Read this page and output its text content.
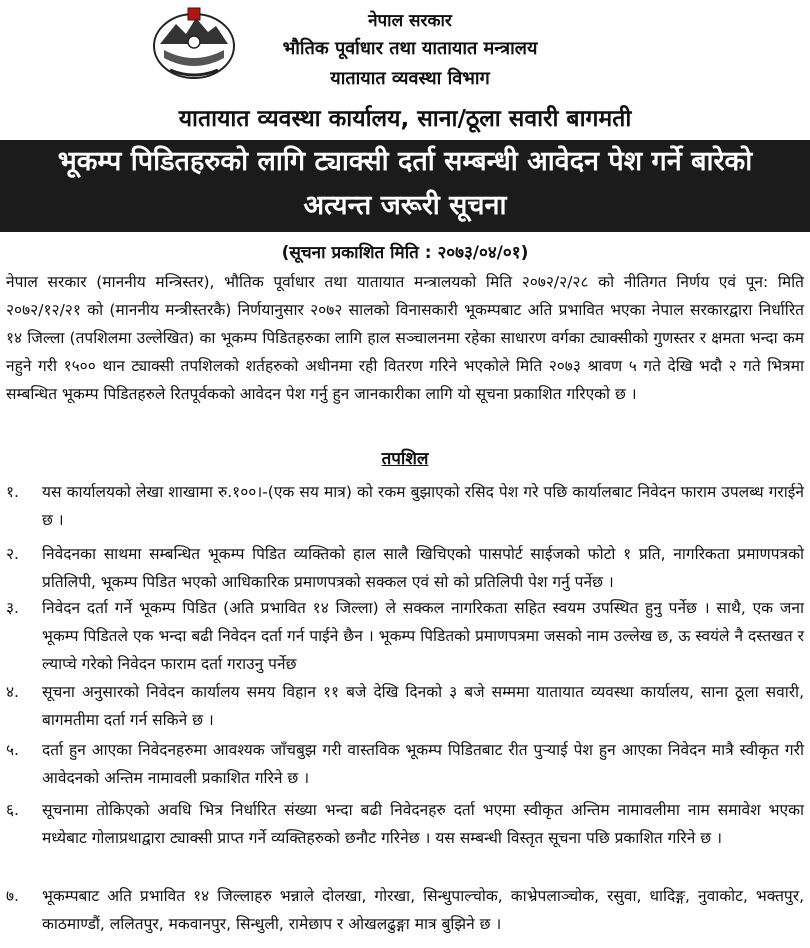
नेपाल सरकार
भौतिक पूर्वाधार तथा यातायात मन्त्रालय
यातायात व्यवस्था विभाग
यातायात व्यवस्था कार्यालय, साना/ठूला सवारी बागमती
भूकम्प पिडितहरुको लागि ट्याक्सी दर्ता सम्बन्धी आवेदन पेश गर्ने बारेको
अत्यन्त जरूरी सूचना
(सूचना प्रकाशित मिति : २०७३/०४/०१)
नेपाल सरकार (माननीय मन्त्रिस्तर), भौतिक पूर्वाधार तथा यातायात मन्त्रालयको मिति २०७२/२/२८ को नीतिगत निर्णय एवं पून: मिति २०७२/१२/२१ को (माननीय मन्त्रीस्तरकै) निर्णयानुसार २०७२ सालको विनासकारी भूकम्पबाट अति प्रभावित भएका नेपाल सरकारद्वारा निर्धारित १४ जिल्ला (तपशिलमा उल्लेखित) का भूकम्प पिडितहरुका लागि हाल सञ्चालनमा रहेका साधारण वर्गका ट्याक्सीको गुणस्तर र क्षमता भन्दा कम नहुने गरी १५०० थान ट्याक्सी तपशिलको शर्तहरुको अधीनमा रही वितरण गरिने भएकोले मिति २०७३ श्रावण ५ गते देखि भदौ २ गते भित्रमा सम्बन्धित भूकम्प पिडितहरुले रितपूर्वकको आवेदन पेश गर्नु हुन जानकारीका लागि यो सूचना प्रकाशित गरिएको छ ।
तपशिल
१.	यस कार्यालयको लेखा शाखामा रु.१००।-(एक सय मात्र) को रकम बुझाएको रसिद पेश गरे पछि कार्यालबाट निवेदन फाराम उपलब्ध गराईने छ ।
२.	निवेदनका साथमा सम्बन्धित भूकम्प पिडित व्यक्तिको हाल सालै खिचिएको पासपोर्ट साईजको फोटो १ प्रति, नागरिकता प्रमाणपत्रको प्रतिलिपी, भूकम्प पिडित भएको आधिकारिक प्रमाणपत्रको सक्कल एवं सो को प्रतिलिपी पेश गर्नु पर्नेछ ।
३.	निवेदन दर्ता गर्ने भूकम्प पिडित (अति प्रभावित १४ जिल्ला) ले सक्कल नागरिकता सहित स्वयम उपस्थित हुनु पर्नेछ । साथै, एक जना भूकम्प पिडितले एक भन्दा बढी निवेदन दर्ता गर्न पाईने छैन । भूकम्प पिडितको प्रमाणपत्रमा जसको नाम उल्लेख छ, ऊ स्वयंले नै दस्तखत र ल्याप्चे गरेको निवेदन फाराम दर्ता गराउनु पर्नेछ
४.	सूचना अनुसारको निवेदन कार्यालय समय विहान ११ बजे देखि दिनको ३ बजे सम्ममा यातायात व्यवस्था कार्यालय, साना ठूला सवारी, बागमतीमा दर्ता गर्न सकिने छ ।
५.	दर्ता हुन आएका निवेदनहरुमा आवश्यक जाँचबुझ गरी वास्तविक भूकम्प पिडितबाट रीत पुर्‍याई पेश हुन आएका निवेदन मात्रै स्वीकृत गरी आवेदनको अन्तिम नामावली प्रकाशित गरिने छ ।
६.	सूचनामा तोकिएको अवधि भित्र निर्धारित संख्या भन्दा बढी निवेदनहरु दर्ता भएमा स्वीकृत अन्तिम नामावलीमा नाम समावेश भएका मध्येबाट गोलाप्रथाद्वारा ट्याक्सी प्राप्त गर्ने व्यक्तिहरुको छनौट गरिनेछ । यस सम्बन्धी विस्तृत सूचना पछि प्रकाशित गरिने छ ।
७.	भूकम्पबाट अति प्रभावित १४ जिल्लाहरु भन्नाले दोलखा, गोरखा, सिन्धुपाल्चोक, काभ्रेपलाञ्चोक, रसुवा, धादिङ्ग, नुवाकोट, भक्तपुर, काठमाण्डौं, ललितपुर, मकवानपुर, सिन्धुली, रामेछाप र ओखलढुङ्गा मात्र बुझिने छ ।
